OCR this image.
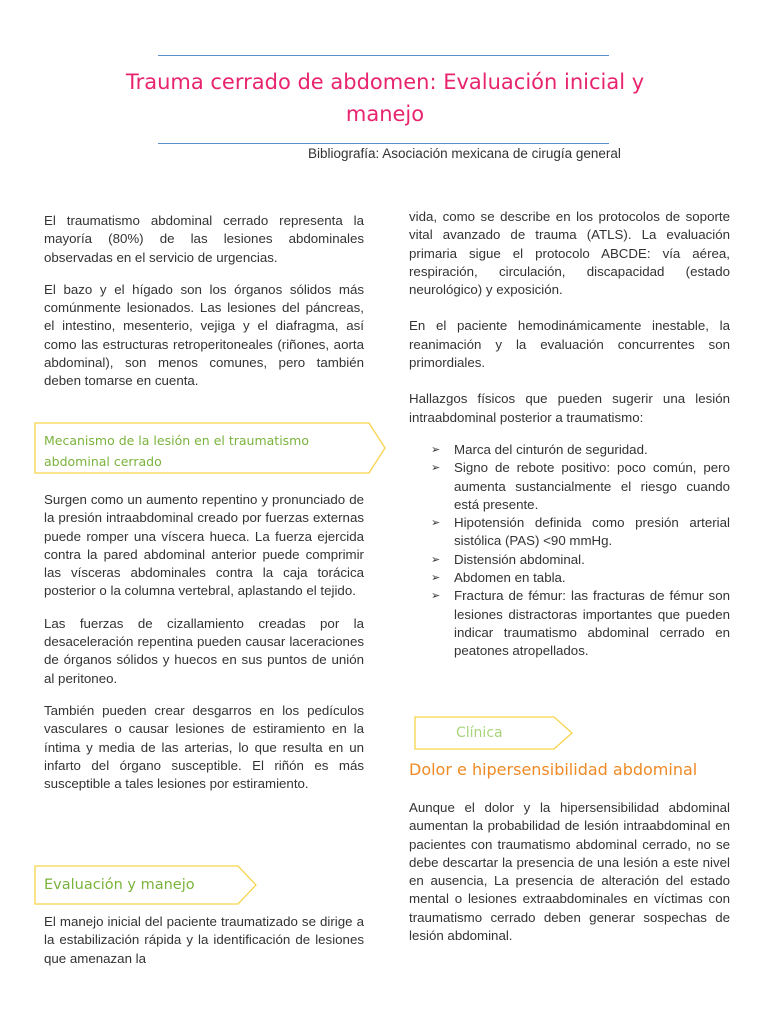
Trauma cerrado de abdomen: Evaluación inicial y manejo
Bibliografía: Asociación mexicana de cirugía general

El traumatismo abdominal cerrado representa la mayoría (80%) de las lesiones abdominales observadas en el servicio de urgencias.

El bazo y el hígado son los órganos sólidos más comúnmente lesionados. Las lesiones del páncreas, el intestino, mesenterio, vejiga y el diafragma, así como las estructuras retroperitoneales (riñones, aorta abdominal), son menos comunes, pero también deben tomarse en cuenta.

Mecanismo de la lesión en el traumatismo abdominal cerrado

Surgen como un aumento repentino y pronunciado de la presión intraabdominal creado por fuerzas externas puede romper una víscera hueca. La fuerza ejercida contra la pared abdominal anterior puede comprimir las vísceras abdominales contra la caja torácica posterior o la columna vertebral, aplastando el tejido.

Las fuerzas de cizallamiento creadas por la desaceleración repentina pueden causar laceraciones de órganos sólidos y huecos en sus puntos de unión al peritoneo.

También pueden crear desgarros en los pedículos vasculares o causar lesiones de estiramiento en la íntima y media de las arterias, lo que resulta en un infarto del órgano susceptible. El riñón es más susceptible a tales lesiones por estiramiento.

Evaluación y manejo

El manejo inicial del paciente traumatizado se dirige a la estabilización rápida y la identificación de lesiones que amenazan la

vida, como se describe en los protocolos de soporte vital avanzado de trauma (ATLS). La evaluación primaria sigue el protocolo ABCDE: vía aérea, respiración, circulación, discapacidad (estado neurológico) y exposición.

En el paciente hemodinámicamente inestable, la reanimación y la evaluación concurrentes son primordiales.

Hallazgos físicos que pueden sugerir una lesión intraabdominal posterior a traumatismo:

➢ Marca del cinturón de seguridad.
➢ Signo de rebote positivo: poco común, pero aumenta sustancialmente el riesgo cuando está presente.
➢ Hipotensión definida como presión arterial sistólica (PAS) <90 mmHg.
➢ Distensión abdominal.
➢ Abdomen en tabla.
➢ Fractura de fémur: las fracturas de fémur son lesiones distractoras importantes que pueden indicar traumatismo abdominal cerrado en peatones atropellados.
Clínica
Dolor e hipersensibilidad abdominal

Aunque el dolor y la hipersensibilidad abdominal aumentan la probabilidad de lesión intraabdominal en pacientes con traumatismo abdominal cerrado, no se debe descartar la presencia de una lesión a este nivel en ausencia, La presencia de alteración del estado mental o lesiones extraabdominales en víctimas con traumatismo cerrado deben generar sospechas de lesión abdominal.
